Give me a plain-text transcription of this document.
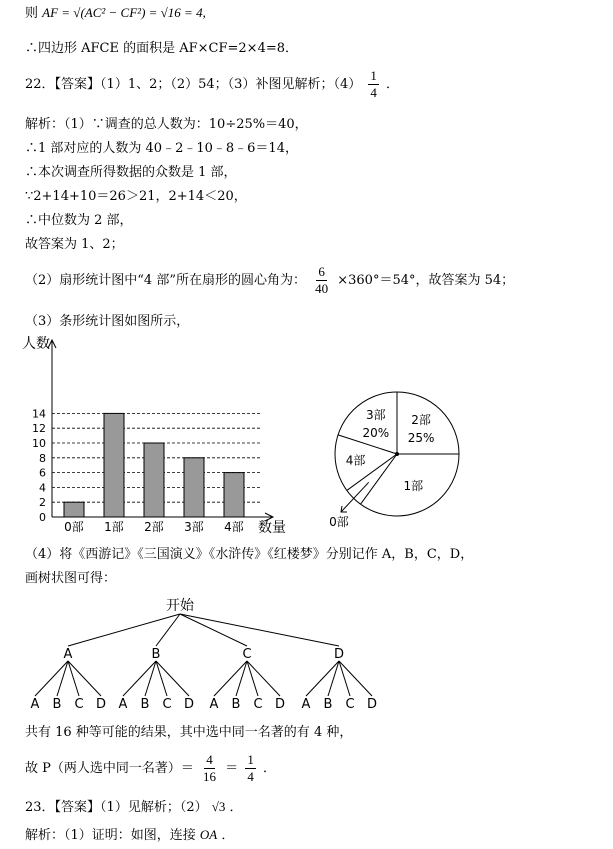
则 AF = √(AC² − CF²) = √16 = 4,
∴四边形 AFCE 的面积是 AF×CF=2×4=8．
22．【答案】（1）1、2；（2）54；（3）补图见解析；$(4) \frac{1}{4}$ ．
解析：（1）∵调查的总人数为：10÷25%＝40，
∴1 部对应的人数为 40﹣2﹣10﹣8﹣6＝14，
∴本次调查所得数据的众数是 1 部，
∵2+14+10＝26＞21，2+14＜20，
∴中位数为 2 部，
故答案为 1、2；
（2）扇形统计图中“4 部”所在扇形的圆心角为： $\frac{6}{40} \times 360^\circ=54^\circ$，故答案为 54；
（3）条形统计图如图所示，
人数
数量
0
2
4
6
8
10
12
14
0部 1部 2部 3部 4部
2部
25%
1部
0部
4部
3部
20%
（4）将《西游记》《三国演义》《水浒传》《红楼梦》分别记作 A，B，C，D，
画树状图可得：
开始
A
A B C D
B
A B C D
C
A B C D
D
A B C D
共有 16 种等可能的结果，其中选中同一名著的有 4 种，
故 P（两人选中同一名著）＝ $\frac{4}{16} = \frac{1}{4}$ ．
23．【答案】（1）见解析；（2） √3 ．
解析：（1）证明：如图，连接 OA ．
